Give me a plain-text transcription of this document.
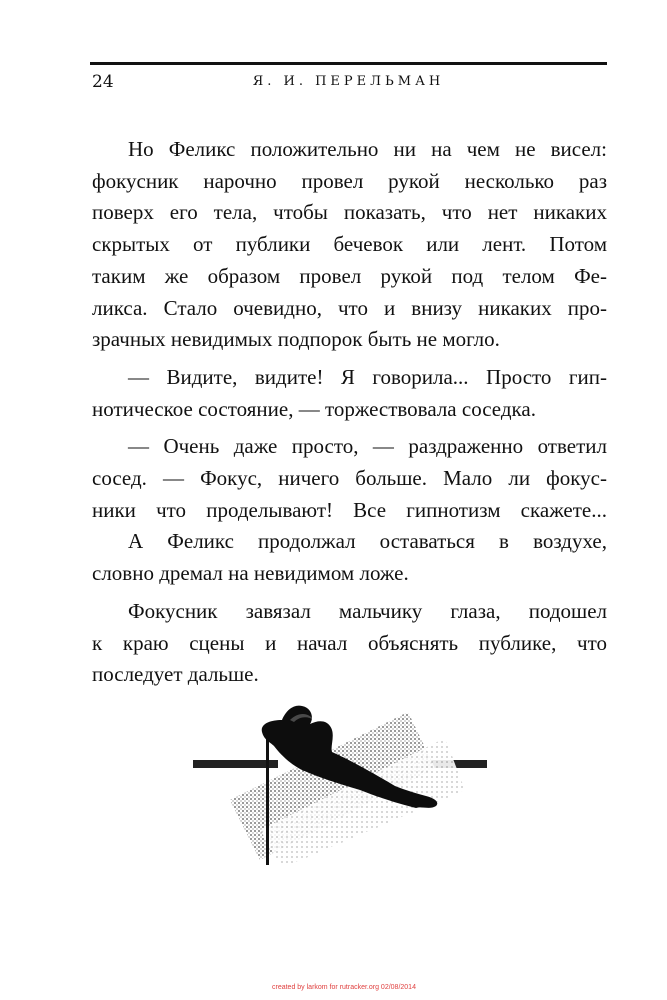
24	Я. И. ПЕРЕЛЬМАН
Но Феликс положительно ни на чем не висел:
фокусник нарочно провел рукой несколько раз
поверх его тела, чтобы показать, что нет никаких
скрытых от публики бечевок или лент. Потом
таким же образом провел рукой под телом Фе-
ликса. Стало очевидно, что и внизу никаких про-
зрачных невидимых подпорок быть не могло.
— Видите, видите! Я говорила... Просто гип-
нотическое состояние, — торжествовала соседка.
— Очень даже просто, — раздраженно ответил
сосед. — Фокус, ничего больше. Мало ли фокус-
ники что проделывают! Все гипнотизм скажете...
А Феликс продолжал оставаться в воздухе,
словно дремал на невидимом ложе.
Фокусник завязал мальчику глаза, подошел
к краю сцены и начал объяснять публике, что
последует дальше.
created by larkom for rutracker.org 02/08/2014
